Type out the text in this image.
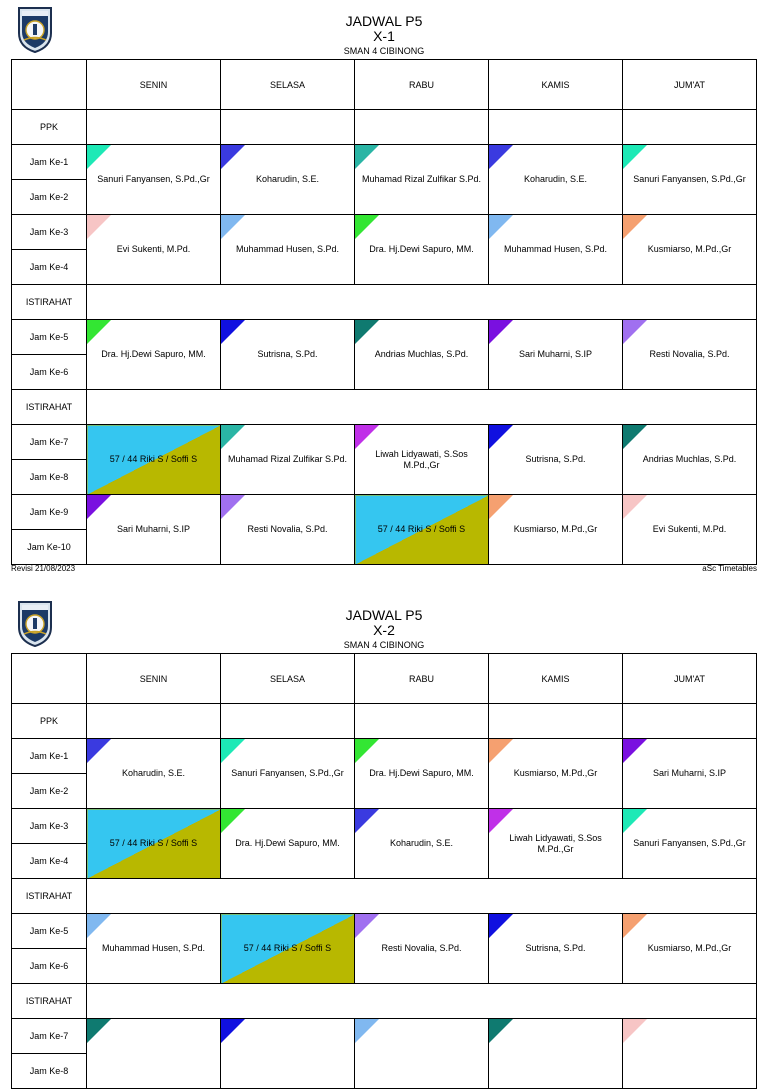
JADWAL P5
X-1
SMAN 4 CIBINONG
	SENIN	SELASA	RABU	KAMIS	JUM'AT
PPK					
Jam Ke-1	Sanuri Fanyansen, S.Pd.,Gr	Koharudin, S.E.	Muhamad Rizal Zulfikar S.Pd.	Koharudin, S.E.	Sanuri Fanyansen, S.Pd.,Gr

Jam Ke-2					
Jam Ke-3	Evi Sukenti, M.Pd.	Muhammad Husen, S.Pd.	Dra. Hj.Dewi Sapuro, MM.	Muhammad Husen, S.Pd.	Kusmiarso, M.Pd.,Gr

Jam Ke-4					
ISTIRAHAT					
Jam Ke-5	Dra. Hj.Dewi Sapuro, MM.	Sutrisna, S.Pd.	Andrias Muchlas, S.Pd.	Sari Muharni, S.IP	Resti Novalia, S.Pd.

Jam Ke-6					
ISTIRAHAT					
Jam Ke-7	57 / 44 Riki S / Soffi S	Muhamad Rizal Zulfikar S.Pd.	Liwah Lidyawati, S.Sos M.Pd.,Gr	Sutrisna, S.Pd.	Andrias Muchlas, S.Pd.

Jam Ke-8					
Jam Ke-9	Sari Muharni, S.IP	Resti Novalia, S.Pd.	57 / 44 Riki S / Soffi S	Kusmiarso, M.Pd.,Gr	Evi Sukenti, M.Pd.

Jam Ke-10					
Revisi 21/08/2023	aSc Timetables
JADWAL P5
X-2
SMAN 4 CIBINONG
	SENIN	SELASA	RABU	KAMIS	JUM'AT
PPK					
Jam Ke-1	Koharudin, S.E.	Sanuri Fanyansen, S.Pd.,Gr	Dra. Hj.Dewi Sapuro, MM.	Kusmiarso, M.Pd.,Gr	Sari Muharni, S.IP

Jam Ke-2					
Jam Ke-3	57 / 44 Riki S / Soffi S	Dra. Hj.Dewi Sapuro, MM.	Koharudin, S.E.	Liwah Lidyawati, S.Sos M.Pd.,Gr	Sanuri Fanyansen, S.Pd.,Gr

Jam Ke-4					
ISTIRAHAT					
Jam Ke-5	Muhammad Husen, S.Pd.	57 / 44 Riki S / Soffi S	Resti Novalia, S.Pd.	Sutrisna, S.Pd.	Kusmiarso, M.Pd.,Gr

Jam Ke-6					
ISTIRAHAT					
Jam Ke-7	

Jam Ke-8					
